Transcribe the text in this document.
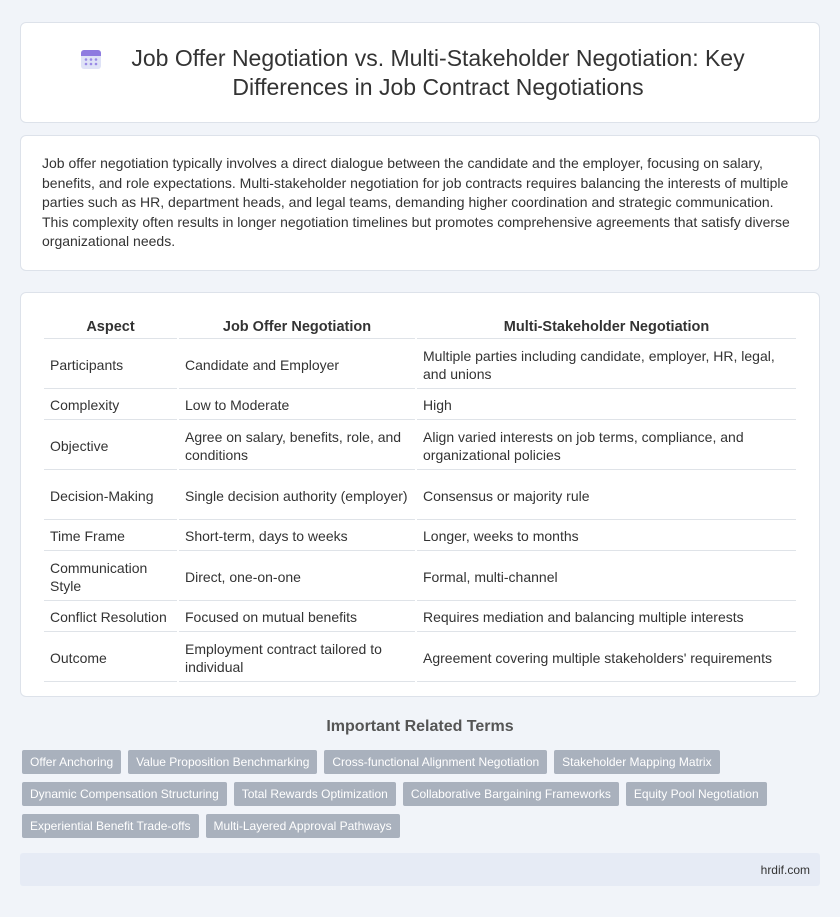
Job Offer Negotiation vs. Multi-Stakeholder Negotiation: Key Differences in Job Contract Negotiations

Job offer negotiation typically involves a direct dialogue between the candidate and the employer, focusing on salary, benefits, and role expectations. Multi-stakeholder negotiation for job contracts requires balancing the interests of multiple parties such as HR, department heads, and legal teams, demanding higher coordination and strategic communication. This complexity often results in longer negotiation timelines but promotes comprehensive agreements that satisfy diverse organizational needs.

Aspect	Job Offer Negotiation	Multi-Stakeholder Negotiation
Participants	Candidate and Employer	Multiple parties including candidate, employer, HR, legal, and unions
Complexity	Low to Moderate	High
Objective	Agree on salary, benefits, role, and conditions	Align varied interests on job terms, compliance, and organizational policies
Decision-Making	Single decision authority (employer)	Consensus or majority rule
Time Frame	Short-term, days to weeks	Longer, weeks to months
Communication Style	Direct, one-on-one	Formal, multi-channel
Conflict Resolution	Focused on mutual benefits	Requires mediation and balancing multiple interests
Outcome	Employment contract tailored to individual	Agreement covering multiple stakeholders' requirements
Important Related Terms
Offer Anchoring	Value Proposition Benchmarking	Cross-functional Alignment Negotiation	Stakeholder Mapping Matrix
Dynamic Compensation Structuring	Total Rewards Optimization	Collaborative Bargaining Frameworks	Equity Pool Negotiation
Experiential Benefit Trade-offs	Multi-Layered Approval Pathways
hrdif.com
